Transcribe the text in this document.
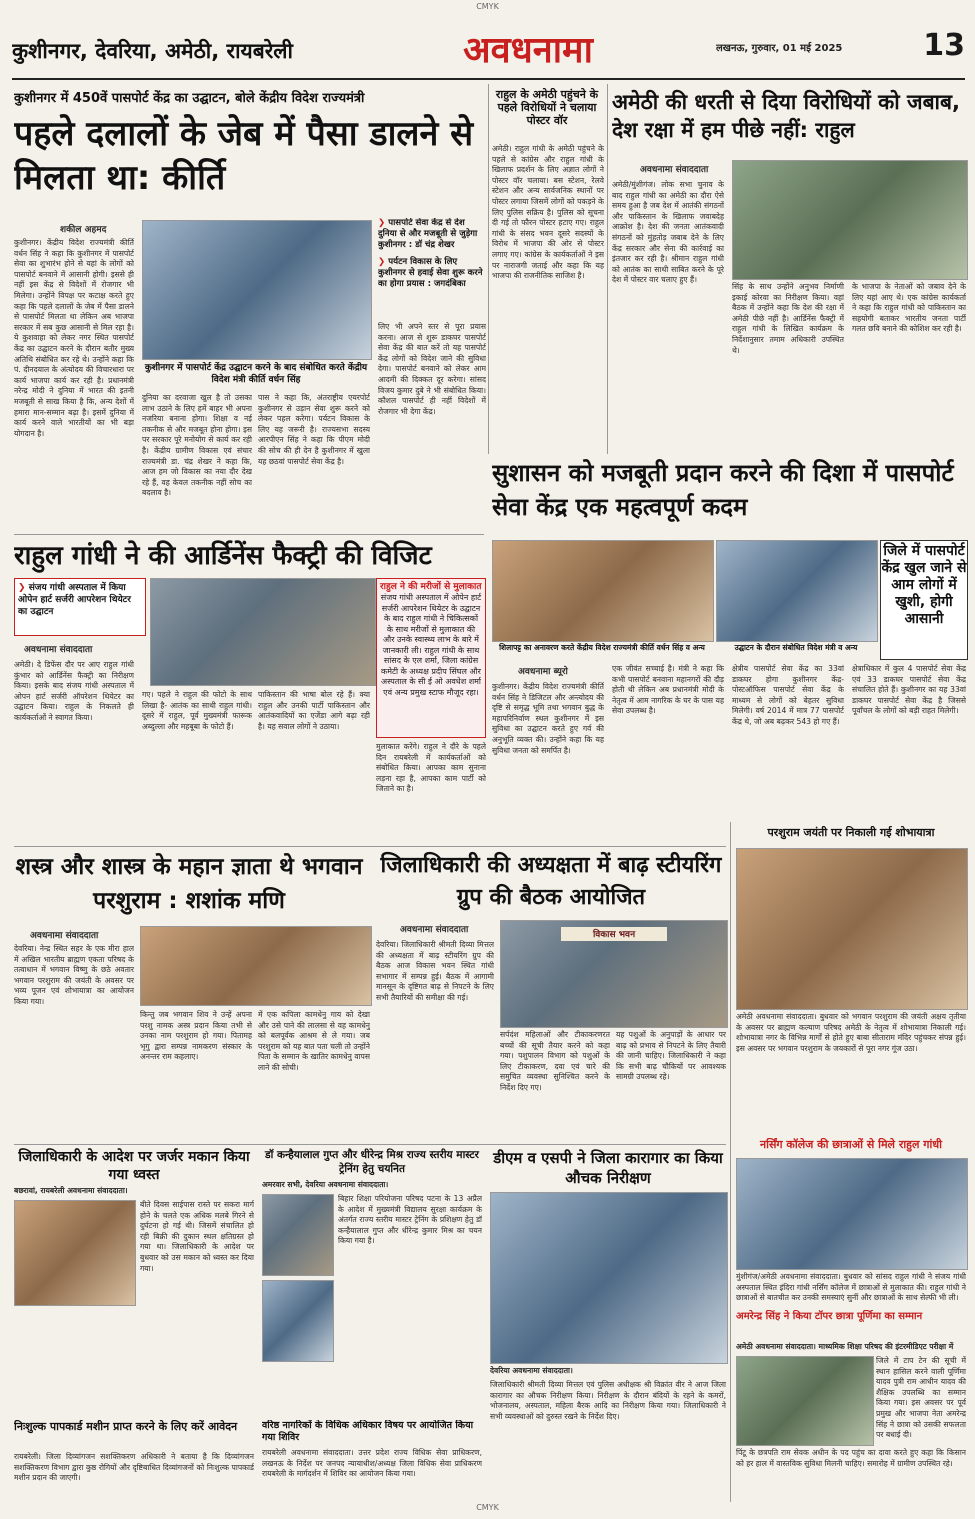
CMYK
कुशीनगर, देवरिया, अमेठी, रायबरेली	अवधनामा	लखनऊ, गुरुवार, 01 मई 2025	13
कुशीनगर में 450वें पासपोर्ट केंद्र का उद्घाटन, बोले केंद्रीय विदेश राज्यमंत्री
पहले दलालों के जेब में पैसा डालने से मिलता था: कीर्ति
शकील अहमद
कुशीनगर। केंद्रीय विदेश राज्यमंत्री कीर्ति वर्धन सिंह ने कहा कि कुशीनगर में पासपोर्ट सेवा का शुभारंभ होने से यहां के लोगों को पासपोर्ट बनवाने में आसानी होगी। इससे ही नहीं इस केंद्र से विदेशों में रोजगार भी मिलेगा। उन्होंने विपक्ष पर कटाक्ष करते हुए कहा कि पहले दलालों के जेब में पैसा डालने से पासपोर्ट मिलता था लेकिन अब भाजपा सरकार में सब कुछ आसानी से मिल रहा है। ये कुशवाहा को लेकर नगर स्थित पासपोर्ट केंद्र का उद्घाटन करने के दौरान बतौर मुख्य अतिथि संबोधित कर रहे थे। उन्होंने कहा कि पं. दीनदयाल के अंत्योदय की विचारधारा पर कार्य भाजपा कार्य कर रही है। प्रधानमंत्री नरेन्द्र मोदी ने दुनिया में भारत की इतनी मजबूती से साख किया है कि, अन्य देशों में हमारा मान-सम्मान बढ़ा है। इसमें दुनिया में कार्य करने वाले भारतीयों का भी बड़ा योगदान है।
कुशीनगर में पासपोर्ट केंद्र उद्घाटन करने के बाद संबोधित करते केंद्रीय विदेश मंत्री कीर्ति वर्धन सिंह
दुनिया का दरवाजा खुल है तो उसका लाभ उठाने के लिए हमें बाहर भी अपना नजरिया बनाना होगा। शिक्षा व नई तकनीक से और मजबूत होना होगा। इस पर सरकार पूरे मनोयोग से कार्य कर रही है। केंद्रीय ग्रामीण विकास एवं संचार राज्यमंत्री डा. चंद्र शेखर ने कहा कि, आज हम जो विकास का नया दौर देख रहे हैं, वह केवल तकनीक नहीं सोच का बदलाव है।
पास ने कहा कि, अंतराष्ट्रीय एयरपोर्ट कुशीनगर से उड़ान सेवा शुरू करने को लेकर पहल करेगा। पर्यटन विकास के लिए यह जरूरी है। राज्यसभा सदस्य आरपीएन सिंह ने कहा कि पीएम मोदी की सोच की ही देन है कुशीनगर में खुला यह छठवां पासपोर्ट सेवा केंद्र है।
❯ पासपोर्ट सेवा केंद्र से देश दुनिया से और मजबूती से जुड़ेगा कुशीनगर : डॉ चंद्र शेखर
❯ पर्यटन विकास के लिए कुशीनगर से हवाई सेवा शुरू करने का होगा प्रयास : जगदंबिका
लिए भी अपने स्तर से पूरा प्रयास करना। आज से शुरू डाकघर पासपोर्ट सेवा केंद्र की बात करें तो यह पासपोर्ट केंद्र लोगों को विदेश जाने की सुविधा देगा। पासपोर्ट बनवाने को लेकर आम आदमी की दिक्कत दूर करेगा। सांसद विजय कुमार दुबे ने भी संबोधित किया। कौशल पासपोर्ट ही नहीं विदेशों में रोजगार भी देगा केंद्र।
राहुल के अमेठी पहुंचने के पहले विरोधियों ने चलाया पोस्टर वॉर
अमेठी। राहुल गांधी के अमेठी पहुंचने के पहले से कांग्रेस और राहुल गांधी के खिलाफ प्रदर्शन के लिए अज्ञात लोगों ने पोस्टर वॉर चलाया। बस स्टेशन, रेलवे स्टेशन और अन्य सार्वजनिक स्थानों पर पोस्टर लगाया जिसमें लोगों को पकड़ने के लिए पुलिस सक्रिय है। पुलिस को सूचना दी गई तो फौरन पोस्टर हटाए गए। राहुल गांधी के संसद भवन दूसरे सदस्यों के विरोध में भाजपा की ओर से पोस्टर लगाए गए। कांग्रेस के कार्यकर्ताओं ने इस पर नाराजगी जताई और कहा कि यह भाजपा की राजनीतिक साजिश है।
अमेठी की धरती से दिया विरोधियों को जबाब, देश रक्षा में हम पीछे नहीं: राहुल
अवधनामा संवाददाता
अमेठी/मुंशीगंज। लोक सभा चुनाव के बाद राहुल गांधी का अमेठी का दौरा ऐसे समय हुआ है जब देश में आतंकी संगठनों और पाकिस्तान के खिलाफ जवाबदेह आक्रोश है। देश की जनता आतंकवादी संगठनों को मुंहतोड़ जबाब देने के लिए केंद्र सरकार और सेना की कार्रवाई का इंतजार कर रही है। श्रीमान राहुल गांधी को आतंक का साथी साबित करने के पूरे देश में पोस्टर वार चलाए हुए हैं।
सिंह के साथ उन्होंने अनुभव निर्माणी इकाई कोरवा का निरीक्षण किया। वहां बैठक में उन्होंने कहा कि देश की रक्षा में अमेठी पीछे नहीं है। आर्डिनेंस फैक्ट्री में राहुल गांधी के लिखित कार्यक्रम के निर्देशानुसार तमाम अधिकारी उपस्थित थे।
के भाजपा के नेताओं को जबाव देने के लिए यहां आए थे। एक कांग्रेस कार्यकर्ता ने कहा कि राहुल गांधी को पाकिस्तान का सहयोगी बताकर भारतीय जनता पार्टी गलत छवि बनाने की कोशिश कर रही है।
सुशासन को मजबूती प्रदान करने की दिशा में पासपोर्ट सेवा केंद्र एक महत्वपूर्ण कदम
शिलापट्ट का अनावरण करते केंद्रीय विदेश राज्यमंत्री कीर्ति वर्धन सिंह व अन्य	उद्घाटन के दौरान संबोधित विदेश मंत्री व अन्य
जिले में पासपोर्ट केंद्र खुल जाने से आम लोगों में खुशी, होगी आसानी
अवधनामा ब्यूरो
कुशीनगर। केंद्रीय विदेश राज्यमंत्री कीर्ति वर्धन सिंह ने डिजिटल और अन्त्योदय की दृष्टि से समृद्ध भूमि तथा भगवान बुद्ध के महापरिनिर्वाण स्थल कुशीनगर में इस सुविधा का उद्घाटन करते हुए गर्व की अनुभूति व्यक्त की। उन्होंने कहा कि यह सुविधा जनता को समर्पित है।
एक जीवंत सच्चाई है। मंत्री ने कहा कि कभी पासपोर्ट बनवाना महानगरों की दौड़ होती थी लेकिन अब प्रधानमंत्री मोदी के नेतृत्व में आम नागरिक के घर के पास यह सेवा उपलब्ध है।
क्षेत्रीय पासपोर्ट सेवा केंद्र का 33वां डाकघर होगा कुशीनगर केंद्र- पोस्टऑफिस पासपोर्ट सेवा केंद्र के माध्यम से लोगों को बेहतर सुविधा मिलेगी। वर्ष 2014 में मात्र 77 पासपोर्ट केंद्र थे, जो अब बढ़कर 543 हो गए हैं।
क्षेत्राधिकार में कुल 4 पासपोर्ट सेवा केंद्र एवं 33 डाकघर पासपोर्ट सेवा केंद्र संचालित होते हैं। कुशीनगर का यह 33वां डाकघर पासपोर्ट सेवा केंद्र है जिससे पूर्वांचल के लोगों को बड़ी राहत मिलेगी।
राहुल गांधी ने की आर्डिनेंस फैक्ट्री की विजिट
❯ संजय गांधी अस्पताल में किया ओपेन हार्ट सर्जरी आपरेशन थियेटर का उद्घाटन
अवधनामा संवाददाता
अमेठी। दे डिफेंस दौर पर आए राहुल गांधी कुंभार को आर्डिनेंस फैक्ट्री का निरीक्षण किया। इसके बाद संजय गांधी अस्पताल में ओपन हार्ट सर्जरी ऑपरेशन थियेटर का उद्घाटन किया। राहुल के निकलते ही कार्यकर्ताओं ने स्वागत किया।
गए। पहले ने राहुल की फोटो के साथ लिखा है- आतंक का साथी राहुल गांधी। दूसरे में राहुल, पूर्व मुख्यमंत्री फारूक अब्दुल्ला और महबूबा के फोटो हैं।
पाकिस्तान की भाषा बोल रहे हैं। क्या राहुल और उनकी पार्टी पाकिस्तान और आतंकवादियों का एजेंडा आगे बढ़ा रही है। यह सवाल लोगों ने उठाया।
राहुल ने की मरीजों से मुलाकात
संजय गांधी अस्पताल में ओपेन हार्ट सर्जरी आपरेशन थियेटर के उद्घाटन के बाद राहुल गांधी ने चिकित्सकों के साथ मरीजों से मुलाकात की और उनके स्वास्थ्य लाभ के बारे में जानकारी ली। राहुल गांधी के साथ सांसद के एल शर्मा, जिला कांग्रेस कमेटी के अध्यक्ष प्रदीप सिंघल और अस्पताल के सी ई ओ अवधेश शर्मा एवं अन्य प्रमुख स्टाफ मौजूद रहा।
मुलाकात करेंगे। राहुल ने दौरे के पहले दिन रायबरेली में कार्यकर्ताओं को संबोधित किया। आपका काम सुनाना लड़ना रहा है, आपका काम पार्टी को जिताने का है।
शस्त्र और शास्त्र के महान ज्ञाता थे भगवान परशुराम : शशांक मणि
अवधनामा संवाददाता
देवरिया। नेन्द्र स्थित सहर के एक मीरा हाल में अखिल भारतीय ब्राह्मण एकता परिषद के तत्वाधान में भगवान विष्णु के छठे अवतार भगवान परशुराम की जयंती के अवसर पर भव्य पूजन एवं शोभायात्रा का आयोजन किया गया।
किन्तु जब भगवान शिव ने उन्हें अपना परशु नामक अस्त्र प्रदान किया तभी से उनका नाम परशुराम हो गया। पितामह भृगु द्वारा सम्पन्न नामकरण संस्कार के अनन्तर राम कहलाए।
में एक कपिला कामधेनु गाय को देखा और उसे पाने की लालसा से वह कामधेनु को बलपूर्वक आश्रम से ले गया। जब परशुराम को यह बात पता चली तो उन्होंने पिता के सम्मान के खातिर कामधेनु वापस लाने की सोची।
जिलाधिकारी की अध्यक्षता में बाढ़ स्टीयरिंग ग्रुप की बैठक आयोजित
अवधनामा संवाददाता
देवरिया। जिलाधिकारी श्रीमती दिव्या मित्तल की अध्यक्षता में बाढ़ स्टीयरिंग ग्रुप की बैठक आज विकास भवन स्थित गांधी सभागार में सम्पन्न हुई। बैठक में आगामी मानसून के दृष्टिगत बाढ़ से निपटने के लिए सभी तैयारियों की समीक्षा की गई।
विकास भवन
सर्पदंश महिलाओं और टीकाकरणरत बच्चों की सूची तैयार करने को कहा गया। पशुपालन विभाग को पशुओं के लिए टीकाकरण, दवा एवं चारे की समुचित व्यवस्था सुनिश्चित करने के निर्देश दिए गए।
यह पशुओं के अनुपाड़ों के आधार पर बाढ़ को प्रभाव से निपटने के लिए तैयारी की जानी चाहिए। जिलाधिकारी ने कहा कि सभी बाढ़ चौकियों पर आवश्यक सामग्री उपलब्ध रहे।
परशुराम जयंती पर निकाली गई शोभायात्रा
अमेठी अवधनामा संवाददाता। बुधवार को भगवान परशुराम की जयंती अक्षय तृतीया के अवसर पर ब्राह्मण कल्याण परिषद अमेठी के नेतृत्व में शोभायात्रा निकाली गई। शोभायात्रा नगर के विभिन्न मार्गों से होते हुए बाबा सीताराम मंदिर पहुंचकर संपन्न हुई। इस अवसर पर भगवान परशुराम के जयकारों से पूरा नगर गूंज उठा।
नर्सिंग कॉलेज की छात्राओं से मिले राहुल गांधी
मुंशीगंज/अमेठी अवधनामा संवाददाता। बुधवार को सांसद राहुल गांधी ने संजय गांधी अस्पताल स्थित इंदिरा गांधी नर्सिंग कॉलेज में छात्राओं से मुलाकात की। राहुल गांधी ने छात्राओं से बातचीत कर उनकी समस्याएं सुनीं और छात्राओं के साथ सेल्फी भी ली।
अमरेन्द्र सिंह ने किया टॉपर छात्रा पूर्णिमा का सम्मान
अमेठी अवधनामा संवाददाता। माध्यमिक शिक्षा परिषद की इंटरमीडिएट परीक्षा में
जिले में टाप टेन की सूची में स्थान हासिल करने वाली पूर्णिमा यादव पुत्री राम आधीन यादव की शैक्षिक उपलब्धि का सम्मान किया गया। इस अवसर पर पूर्व प्रमुख और भाजपा नेता अमरेन्द्र सिंह ने छात्रा को उसकी सफलता पर बधाई दी।
जिलाधिकारी के आदेश पर जर्जर मकान किया गया ध्वस्त
बछरावां, रायबरेली अवधनामा संवाददाता।
बीते दिवस साईपास रास्ते पर सकरा मार्ग होने के चलते एक अधिक मलबे गिरने से दुर्घटना हो गई थी। जिसमें संचालित हो रही बिक्री की दुकान स्थल क्षतिग्रस्त हो गया था। जिलाधिकारी के आदेश पर बुधवार को उस मकान को ध्वस्त कर दिया गया।
निःशुल्क पापकार्ड मशीन प्राप्त करने के लिए करें आवेदन
रायबरेली। जिला दिव्यांगजन सशक्तिकरण अधिकारी ने बताया है कि दिव्यांगजन सशक्तिकरण विभाग द्वारा कुष्ठ रोगियों और दृष्टिबाधित दिव्यांगजनों को निःशुल्क पापकार्ड मशीन प्रदान की जाएगी।
डॉ कन्हैयालाल गुप्त और धीरेन्द्र मिश्र राज्य स्तरीय मास्टर ट्रेनिंग हेतु चयनित
अमरवार सभी, देवरिया अवधनामा संवाददाता।
बिहार शिक्षा परियोजना परिषद पटना के 13 अप्रैल के आदेश में मुख्यमंत्री विद्यालय सुरक्षा कार्यक्रम के अंतर्गत राज्य स्तरीय मास्टर ट्रेनिंग के प्रशिक्षण हेतु डॉ कन्हैयालाल गुप्त और धीरेन्द्र कुमार मिश्र का चयन किया गया है।
वरिष्ठ नागरिकों के विधिक अधिकार विषय पर आयोजित किया गया शिविर
रायबरेली अवधनामा संवाददाता। उत्तर प्रदेश राज्य विधिक सेवा प्राधिकरण, लखनऊ के निर्देश पर जनपद न्यायाधीश/अध्यक्ष जिला विधिक सेवा प्राधिकरण रायबरेली के मार्गदर्शन में शिविर का आयोजन किया गया।
डीएम व एसपी ने जिला कारागार का किया औचक निरीक्षण
देवरिया अवधनामा संवाददाता।
जिलाधिकारी श्रीमती दिव्या मित्तल एवं पुलिस अधीक्षक श्री विक्रांत वीर ने आज जिला कारागार का औचक निरीक्षण किया। निरीक्षण के दौरान बंदियों के रहने के कमरों, भोजनालय, अस्पताल, महिला बैरक आदि का निरीक्षण किया गया। जिलाधिकारी ने सभी व्यवस्थाओं को दुरुस्त रखने के निर्देश दिए।
पिंटू के छत्रपति राम सेवक अधीन के पद पहुंच का दावा करते हुए कहा कि किसान को हर हाल में वास्तविक सुविधा मिलनी चाहिए। समारोह में ग्रामीण उपस्थित रहे।
CMYK
